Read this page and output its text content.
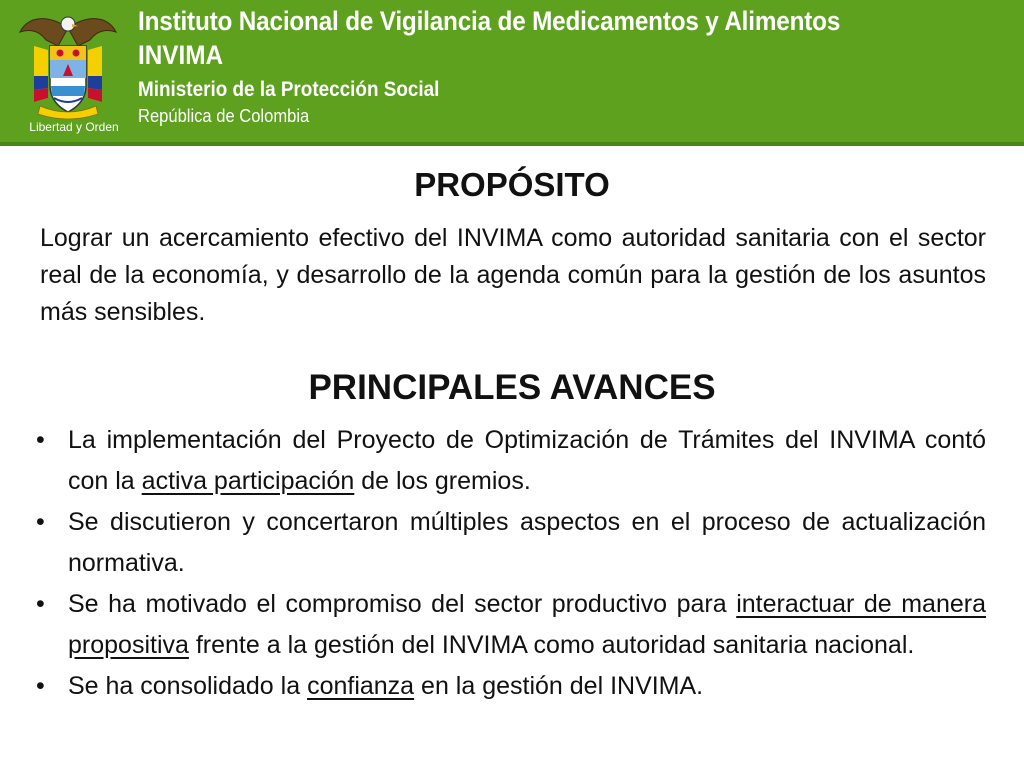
Libertad y Orden
Instituto Nacional de Vigilancia de Medicamentos y Alimentos
INVIMA
Ministerio de la Protección Social
República de Colombia
PROPÓSITO
Lograr un acercamiento efectivo del INVIMA como autoridad sanitaria con el sector real de la economía, y desarrollo de la agenda común para la gestión de los asuntos más sensibles.
PRINCIPALES AVANCES
• La implementación del Proyecto de Optimización de Trámites del INVIMA contó con la activa participación de los gremios.
• Se discutieron y concertaron múltiples aspectos en el proceso de actualización normativa.
• Se ha motivado el compromiso del sector productivo para interactuar de manera propositiva frente a la gestión del INVIMA como autoridad sanitaria nacional.
• Se ha consolidado la confianza en la gestión del INVIMA.
